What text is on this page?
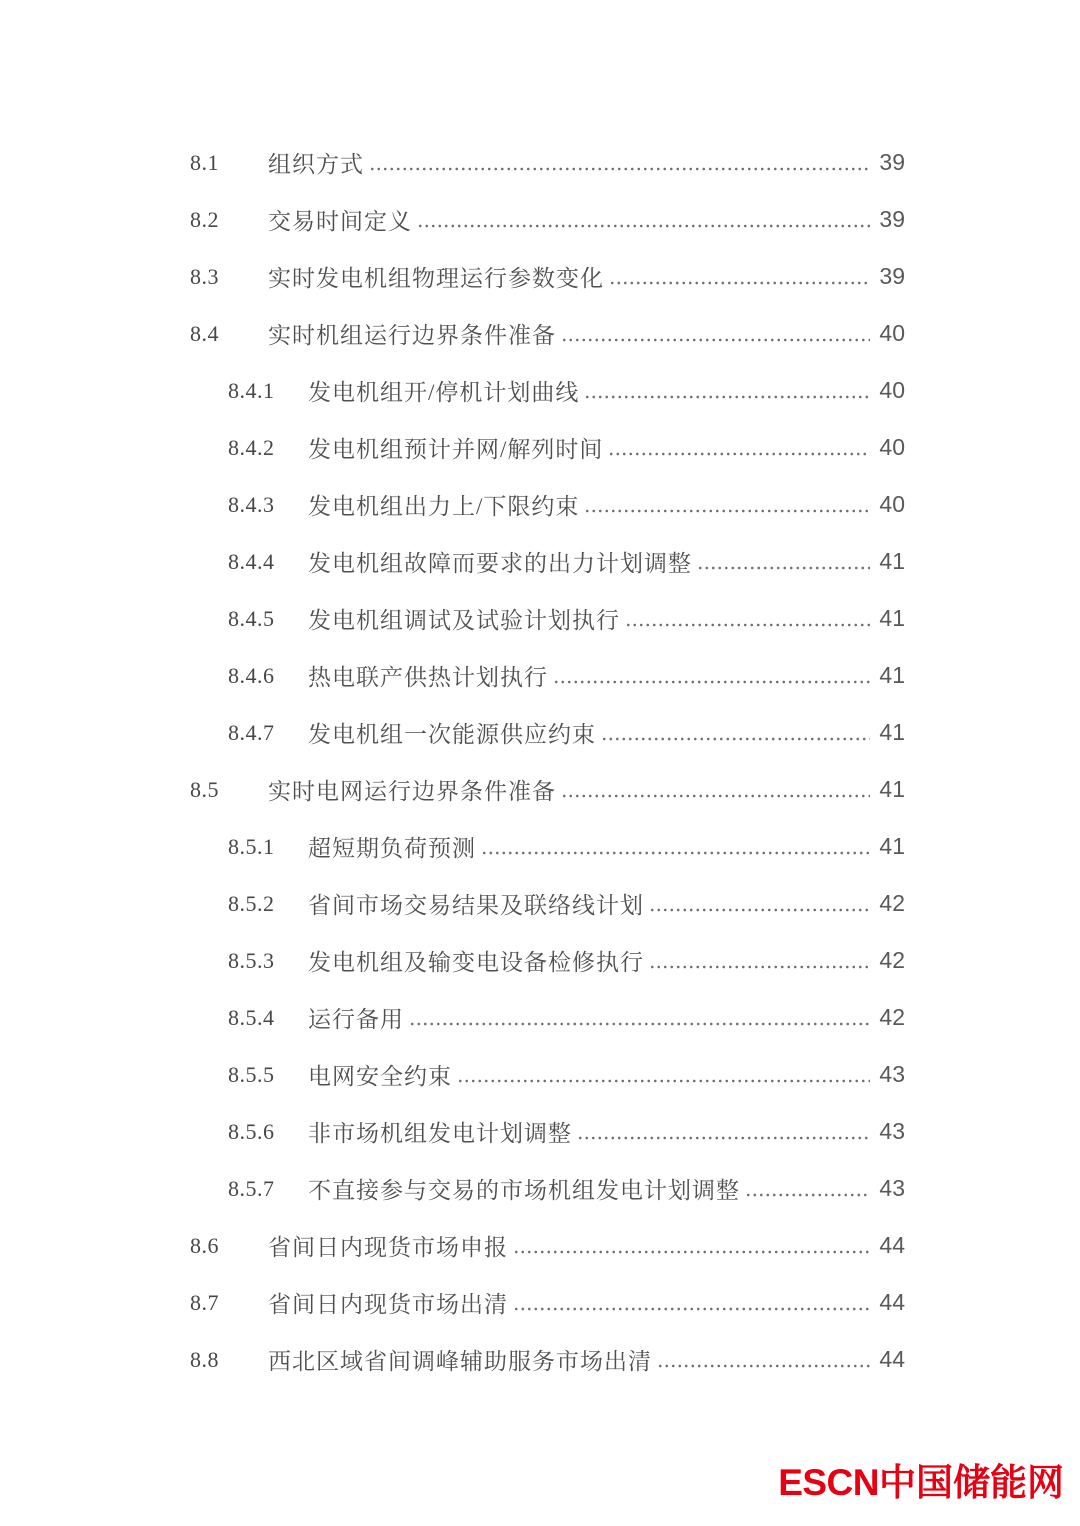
8.1	组织方式	39
8.2	交易时间定义	39
8.3	实时发电机组物理运行参数变化	39
8.4	实时机组运行边界条件准备	40
8.4.1	发电机组开/停机计划曲线	40
8.4.2	发电机组预计并网/解列时间	40
8.4.3	发电机组出力上/下限约束	40
8.4.4	发电机组故障而要求的出力计划调整	41
8.4.5	发电机组调试及试验计划执行	41
8.4.6	热电联产供热计划执行	41
8.4.7	发电机组一次能源供应约束	41
8.5	实时电网运行边界条件准备	41
8.5.1	超短期负荷预测	41
8.5.2	省间市场交易结果及联络线计划	42
8.5.3	发电机组及输变电设备检修执行	42
8.5.4	运行备用	42
8.5.5	电网安全约束	43
8.5.6	非市场机组发电计划调整	43
8.5.7	不直接参与交易的市场机组发电计划调整	43
8.6	省间日内现货市场申报	44
8.7	省间日内现货市场出清	44
8.8	西北区域省间调峰辅助服务市场出清	44
ESCN中国储能网
